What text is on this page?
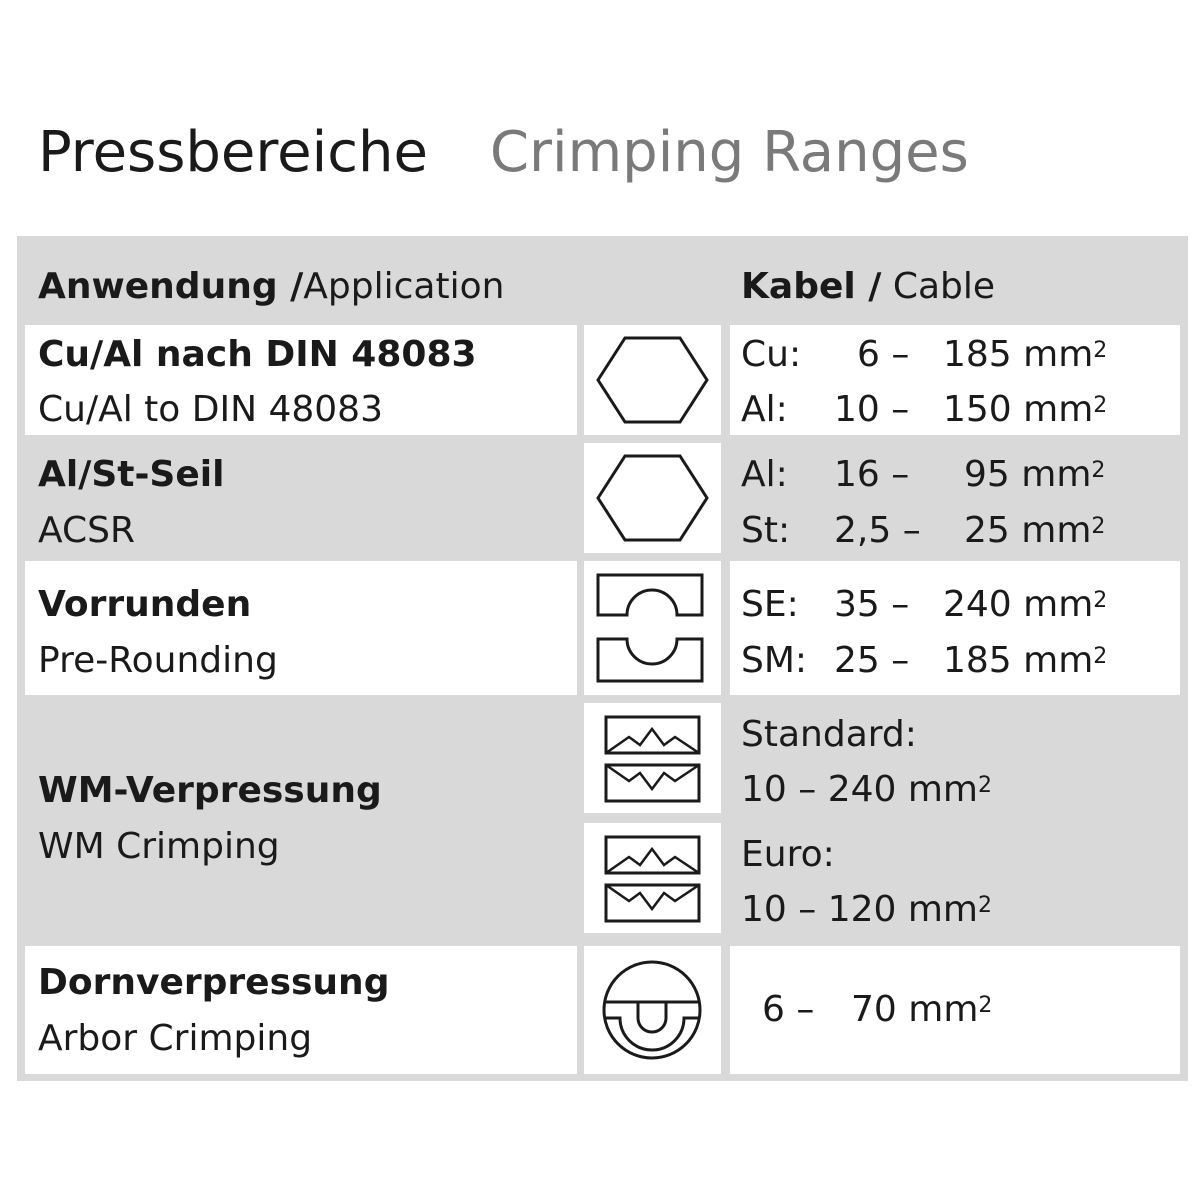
Pressbereiche Crimping Ranges
Anwendung /Application	Kabel / Cable
Cu/Al nach DIN 48083
Cu/Al to DIN 48083
Cu: 6 – 185 $mm^2$
Al: 10 – 150 $mm^2$
Al/St-Seil
ACSR
Al: 16 – 95 $mm^2$
St: 2,5 – 25 $mm^2$
Vorrunden
Pre-Rounding
SE: 35 – 240 $mm^2$
SM: 25 – 185 $mm^2$
WM-Verpressung
WM Crimping
Standard:
10 – 240 $mm^2$
Euro:
10 – 120 $mm^2$
Dornverpressung
Arbor Crimping
6 – 70 $mm^2$
